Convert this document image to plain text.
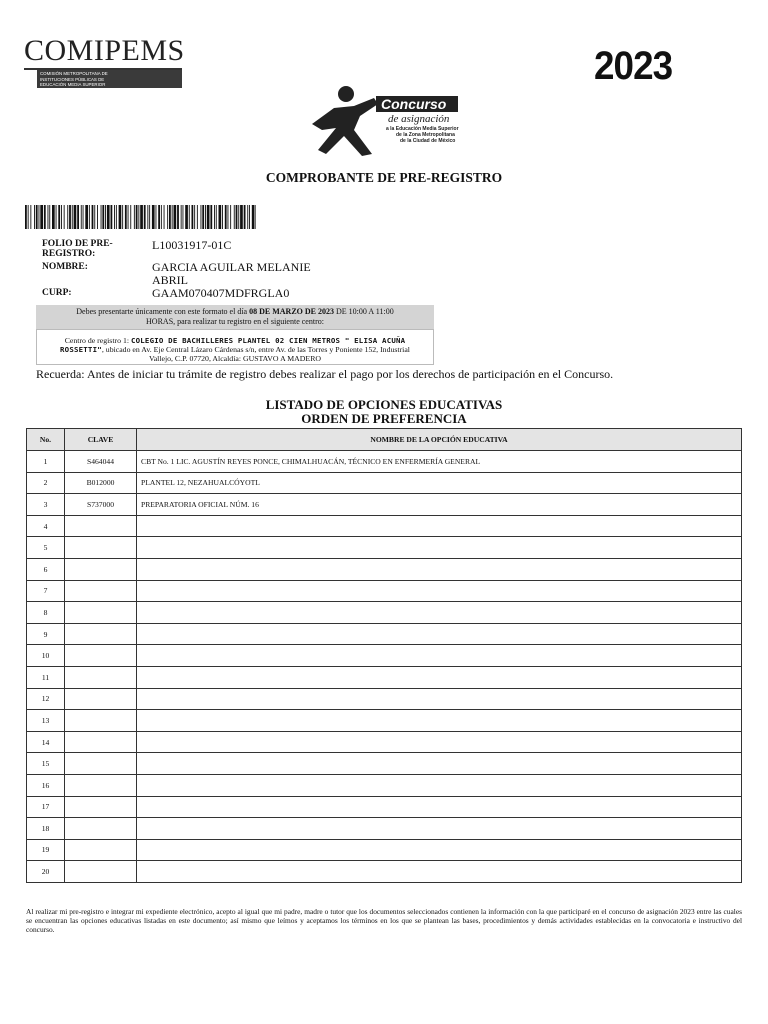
COMIPEMS
COMISIÓN METROPOLITANA DE
INSTITUCIONES PÚBLICAS DE
EDUCACIÓN MEDIA SUPERIOR	2023
Concurso
de asignación
a la Educación Media Superior
de la Zona Metropolitana
de la Ciudad de México
COMPROBANTE DE PRE-REGISTRO
FOLIO DE PRE-REGISTRO:
L10031917-01C
NOMBRE:	GARCIA AGUILAR MELANIE
ABRIL
CURP:	GAAM070407MDFRGLA0
Debes presentarte únicamente con este formato el día 08 DE MARZO DE 2023 DE 10:00 A 11:00
HORAS, para realizar tu registro en el siguiente centro:
Centro de registro 1: COLEGIO DE BACHILLERES PLANTEL 02 CIEN METROS " ELISA ACUÑA
ROSSETTI", ubicado en Av. Eje Central Lázaro Cárdenas s/n, entre Av. de las Torres y Poniente 152, Industrial
Vallejo, C.P. 07720, Alcaldía: GUSTAVO A MADERO
Recuerda: Antes de iniciar tu trámite de registro debes realizar el pago por los derechos de participación en el Concurso.
LISTADO DE OPCIONES EDUCATIVAS
ORDEN DE PREFERENCIA
No.	CLAVE	NOMBRE DE LA OPCIÓN EDUCATIVA
1	S464044	CBT No. 1 LIC. AGUSTÍN REYES PONCE, CHIMALHUACÁN, TÉCNICO EN ENFERMERÍA GENERAL
2	B012000	PLANTEL 12, NEZAHUALCÓYOTL
3	S737000	PREPARATORIA OFICIAL NÚM. 16
4		
5		
6		
7		
8		
9		
10		
11		
12		
13		
14		
15		
16		
17		
18		
19		
20		
Al realizar mi pre-registro e integrar mi expediente electrónico, acepto al igual que mi padre, madre o tutor que los documentos seleccionados contienen la información con la que participaré en el concurso de asignación 2023 entre las cuales se encuentran las opciones educativas listadas en este documento; así mismo que leímos y aceptamos los términos en los que se plantean las bases, procedimientos y demás actividades establecidas en la convocatoria e instructivo del concurso.
